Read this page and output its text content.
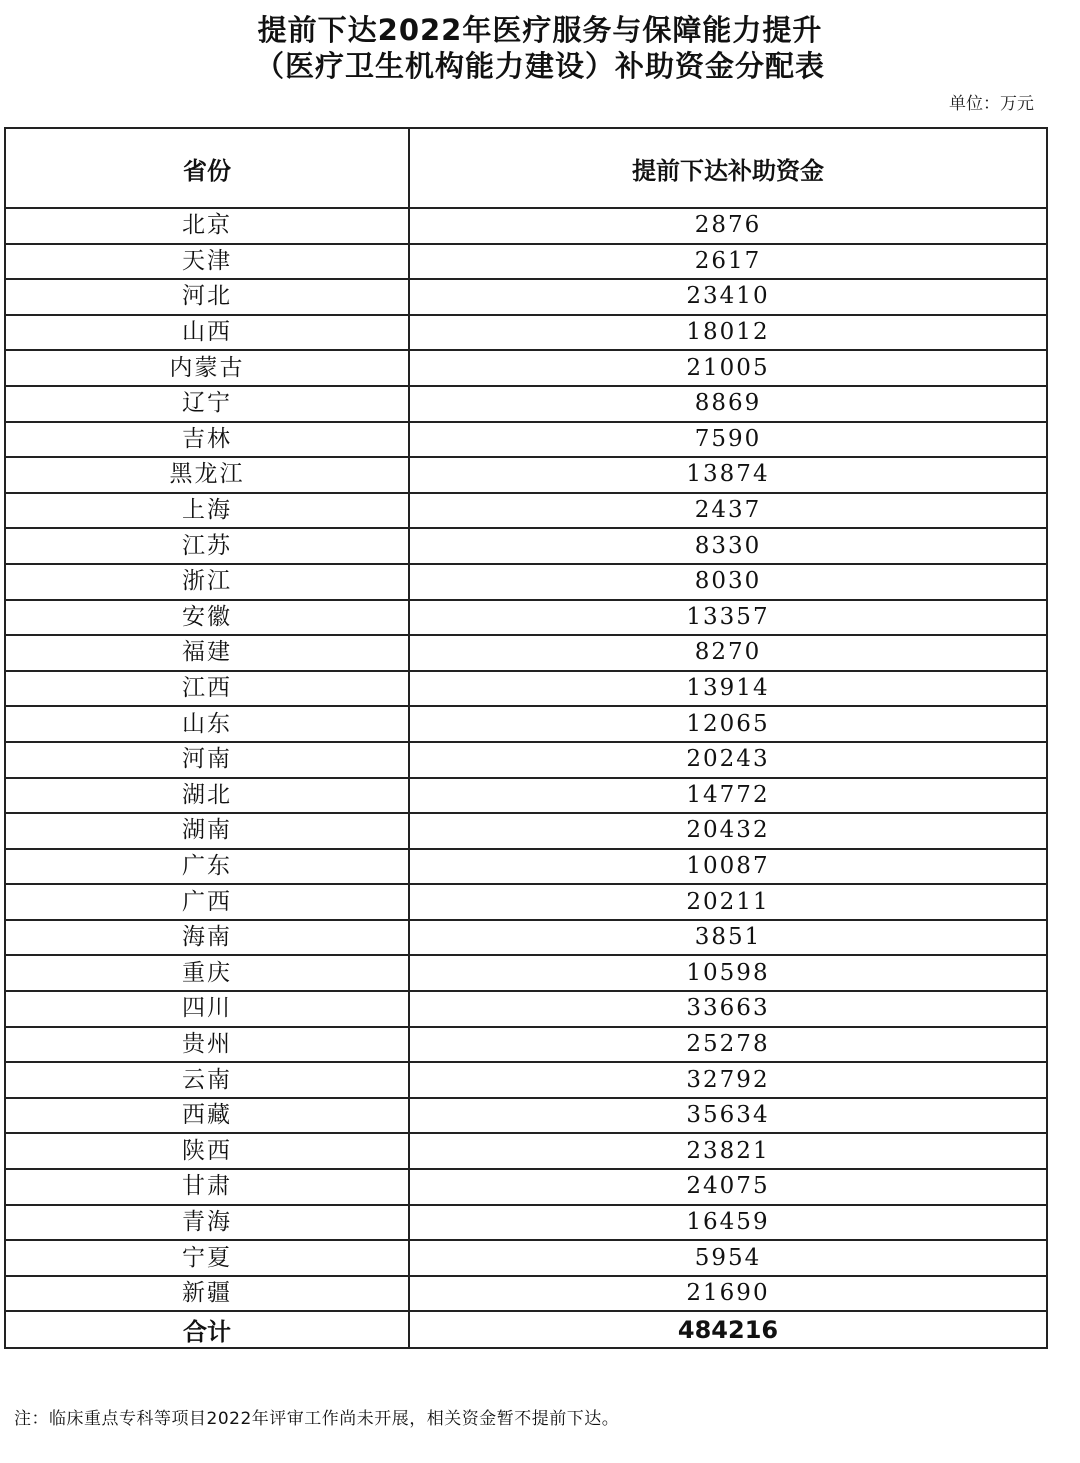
提前下达2022年医疗服务与保障能力提升
（医疗卫生机构能力建设）补助资金分配表
单位：万元
省份	提前下达补助资金
北京	2876
天津	2617
河北	23410
山西	18012
内蒙古	21005
辽宁	8869
吉林	7590
黑龙江	13874
上海	2437
江苏	8330
浙江	8030
安徽	13357
福建	8270
江西	13914
山东	12065
河南	20243
湖北	14772
湖南	20432
广东	10087
广西	20211
海南	3851
重庆	10598
四川	33663
贵州	25278
云南	32792
西藏	35634
陕西	23821
甘肃	24075
青海	16459
宁夏	5954
新疆	21690
合计	484216
注：临床重点专科等项目2022年评审工作尚未开展，相关资金暂不提前下达。
